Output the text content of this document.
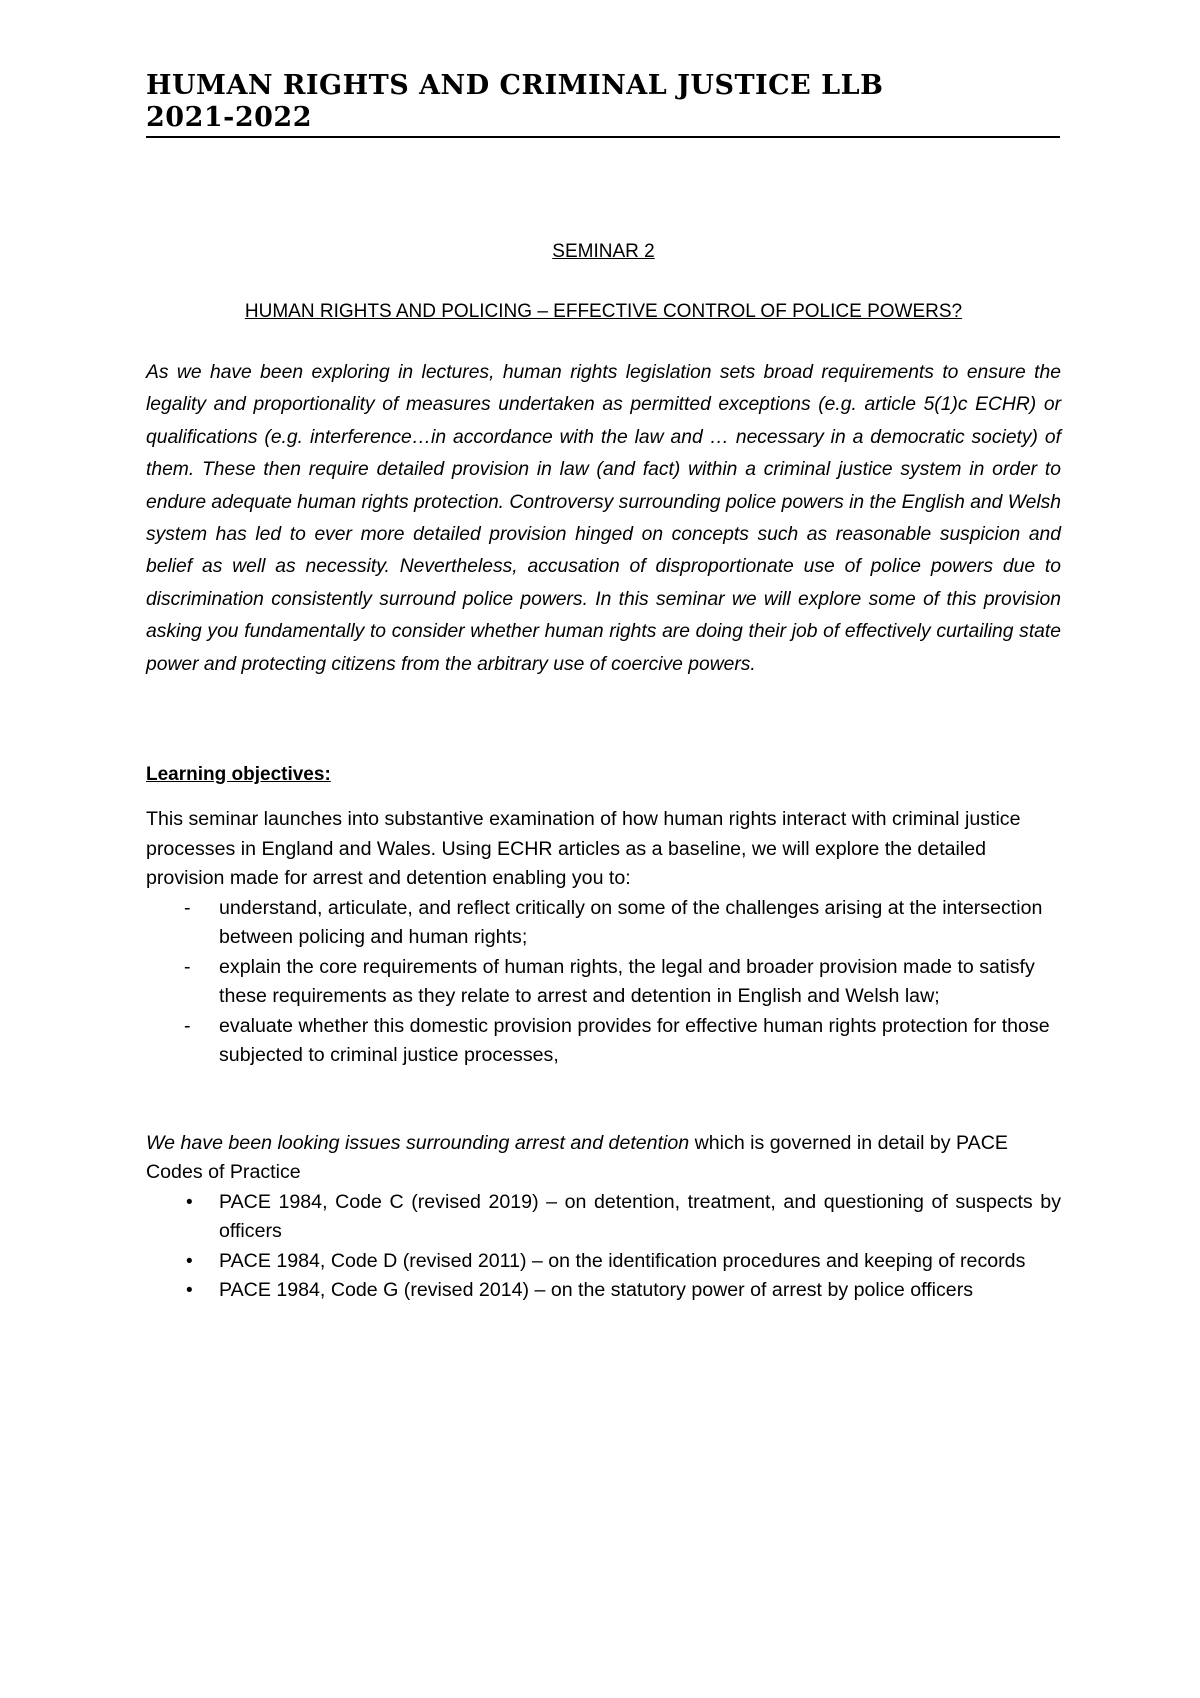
HUMAN RIGHTS AND CRIMINAL JUSTICE LLB
2021-2022

SEMINAR 2

HUMAN RIGHTS AND POLICING – EFFECTIVE CONTROL OF POLICE POWERS?

As we have been exploring in lectures, human rights legislation sets broad requirements to ensure the legality and proportionality of measures undertaken as permitted exceptions (e.g. article 5(1)c ECHR) or qualifications (e.g. interference…in accordance with the law and … necessary in a democratic society) of them. These then require detailed provision in law (and fact) within a criminal justice system in order to endure adequate human rights protection. Controversy surrounding police powers in the English and Welsh system has led to ever more detailed provision hinged on concepts such as reasonable suspicion and belief as well as necessity. Nevertheless, accusation of disproportionate use of police powers due to discrimination consistently surround police powers. In this seminar we will explore some of this provision asking you fundamentally to consider whether human rights are doing their job of effectively curtailing state power and protecting citizens from the arbitrary use of coercive powers.

Learning objectives:

This seminar launches into substantive examination of how human rights interact with criminal justice processes in England and Wales. Using ECHR articles as a baseline, we will explore the detailed provision made for arrest and detention enabling you to:

- understand, articulate, and reflect critically on some of the challenges arising at the intersection between policing and human rights;
- explain the core requirements of human rights, the legal and broader provision made to satisfy these requirements as they relate to arrest and detention in English and Welsh law;
- evaluate whether this domestic provision provides for effective human rights protection for those subjected to criminal justice processes,

We have been looking issues surrounding arrest and detention which is governed in detail by PACE Codes of Practice

• PACE 1984, Code C (revised 2019) – on detention, treatment, and questioning of suspects by officers
• PACE 1984, Code D (revised 2011) – on the identification procedures and keeping of records
• PACE 1984, Code G (revised 2014) – on the statutory power of arrest by police officers
